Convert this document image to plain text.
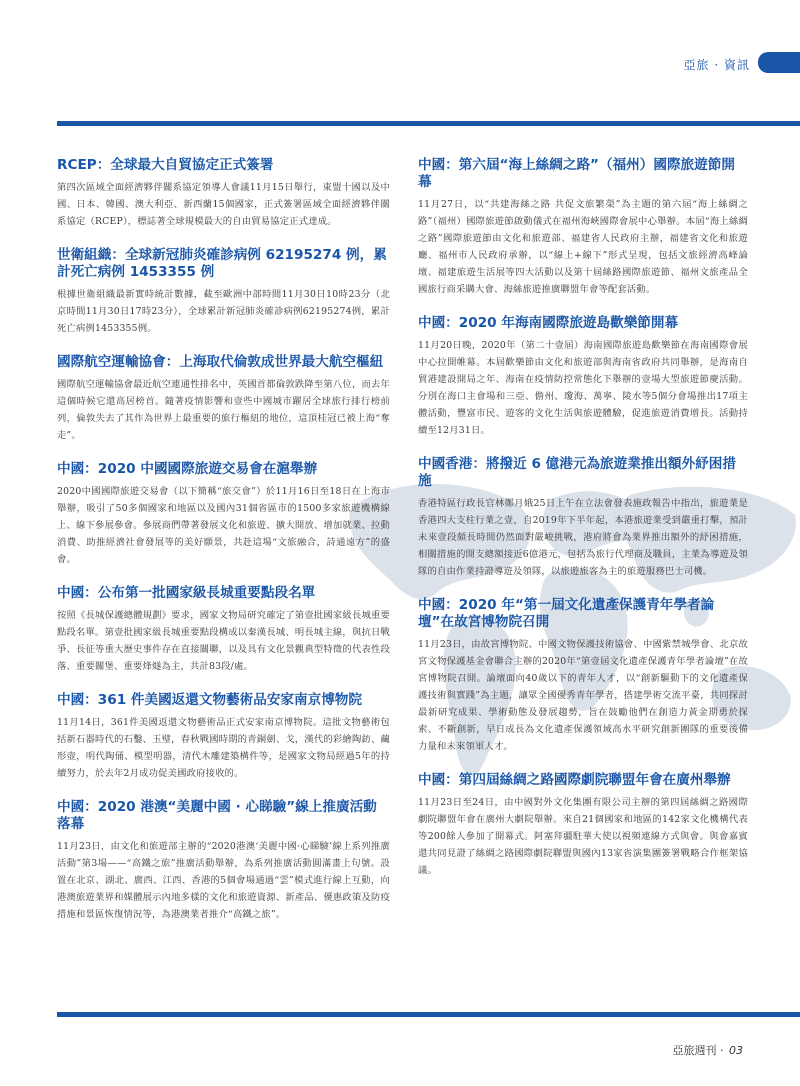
亞旅 · 資訊
RCEP：全球最大自貿協定正式簽署
第四次區域全面經濟夥伴關系協定領導人會議11月15日舉行，東盟十國以及中國、日本、韓國、澳大利亞、新西蘭15個國家，正式簽署區域全面經濟夥伴關系協定（RCEP），標誌著全球規模最大的自由貿易協定正式達成。
世衛組織：全球新冠肺炎確診病例 62195274 例，累計死亡病例 1453355 例
根據世衛組織最新實時統計數據，截至歐洲中部時間11月30日10時23分（北京時間11月30日17時23分），全球累計新冠肺炎確診病例62195274例，累計死亡病例1453355例。
國際航空運輸協會：上海取代倫敦成世界最大航空樞紐
國際航空運輸協會最近航空連通性排名中，英國首都倫敦跌降至第八位，而去年這個時候它還高居榜首。隨著疫情影響和壹些中國城市躍居全球旅行排行榜前列，倫敦失去了其作為世界上最重要的旅行樞紐的地位，這頂桂冠已被上海“奪走”。
中國：2020 中國國際旅遊交易會在滬舉辦
2020中國國際旅遊交易會（以下簡稱“旅交會”）於11月16日至18日在上海市舉辦，吸引了50多個國家和地區以及國內31個省區市的1500多家旅遊機構線上、線下參展參會。參展商們帶著發展文化和旅遊、擴大開放、增加就業、拉動消費、助推經濟社會發展等的美好願景，共赴這場“文旅融合，詩通遠方”的盛會。
中國：公布第一批國家級長城重要點段名單
按照《長城保護總體規劃》要求，國家文物局研究確定了第壹批國家級長城重要點段名單。第壹批國家級長城重要點段構成以秦漢長城、明長城主線，與抗日戰爭、長征等重大歷史事件存在直接關聯，以及具有文化景觀典型特徵的代表性段落、重要關堡、重要烽燧為主，共計83段/處。
中國：361 件美國返還文物藝術品安家南京博物院
11月14日，361件美國返還文物藝術品正式安家南京博物院。這批文物藝術包括新石器時代的石鑿、玉璧，春秋戰國時期的青銅劍、戈，漢代的彩繪陶鈁、繭形壺，明代陶俑、模型明器，清代木雕建築構件等，是國家文物局經過5年的持續努力，於去年2月成功促美國政府接收的。
中國：2020 港澳“美麗中國 · 心睇驗”線上推廣活動落幕
11月23日，由文化和旅遊部主辦的“2020港澳‘美麗中國·心睇驗’線上系列推廣活動”第3場——“高鐵之旅”推廣活動舉辦，為系列推廣活動圓滿畫上句號。設置在北京、湖北、廣西、江西、香港的5個會場通過“雲”模式進行線上互動，向港澳旅遊業界和媒體展示內地多樣的文化和旅遊資源、新產品、優惠政策及防疫措施和景區恢復情況等，為港澳業者推介“高鐵之旅”。
中國：第六屆“海上絲綢之路”（福州）國際旅遊節開幕
11月27日，以“共建海絲之路 共促文旅繁榮”為主題的第六屆“海上絲綢之路”（福州）國際旅遊節啟動儀式在福州海峽國際會展中心舉辦。本屆“海上絲綢之路”國際旅遊節由文化和旅遊部、福建省人民政府主辦，福建省文化和旅遊廳、福州市人民政府承辦，以“線上+線下”形式呈現，包括文旅經濟高峰論壇、福建旅遊生活展等四大活動以及第十屆絲路國際旅遊節、福州文旅產品全國旅行商采購大會、海絲旅遊推廣聯盟年會等配套活動。
中國：2020 年海南國際旅遊島歡樂節開幕
11月20日晚，2020年（第二十壹屆）海南國際旅遊島歡樂節在海南國際會展中心拉開帷幕。本屆歡樂節由文化和旅遊部與海南省政府共同舉辦，是海南自貿港建設開局之年、海南在疫情防控常態化下舉辦的壹場大型旅遊節慶活動。分別在海口主會場和三亞、儋州、瓊海、萬寧、陵水等5個分會場推出17項主體活動，豐富市民、遊客的文化生活與旅遊體驗，促進旅遊消費增長。活動持續至12月31日。
中國香港：將撥近 6 億港元為旅遊業推出額外紓困措施
香港特區行政長官林鄭月娥25日上午在立法會發表施政報告中指出，旅遊業是香港四大支柱行業之壹，自2019年下半年起，本港旅遊業受到嚴重打擊，預計未來壹段頗長時間仍然面對嚴峻挑戰，港府將會為業界推出額外的紓困措施，相關措施的開支總額接近6億港元，包括為旅行代理商及職員，主業為導遊及領隊的自由作業持證導遊及領隊，以旅遊旅客為主的旅遊服務巴士司機。
中國：2020 年“第一屆文化遺產保護青年學者論壇”在故宮博物院召開
11月23日，由故宮博物院、中國文物保護技術協會、中國紫禁城學會、北京故宮文物保護基金會聯合主辦的2020年“第壹屆文化遺產保護青年學者論壇”在故宮博物院召開。論壇面向40歲以下的青年人才，以“創新驅動下的文化遺產保護技術與實踐”為主題，讓眾全國優秀青年學者，搭建學術交流平臺，共同探討最新研究成果、學術動態及發展趨勢，旨在鼓勵他們在創造力黃金期勇於探索、不斷創新，早日成長為文化遺產保護領域高水平研究創新團隊的重要後備力量和未來領軍人才。
中國：第四屆絲綢之路國際劇院聯盟年會在廣州舉辦
11月23日至24日，由中國對外文化集團有限公司主辦的第四屆絲綢之路國際劇院聯盟年會在廣州大劇院舉辦。來自21個國家和地區的142家文化機構代表等200餘人參加了開幕式。阿塞拜疆駐華大使以視頻連線方式與會。與會嘉賓還共同見證了絲綢之路國際劇院聯盟與國內13家省演集團簽署戰略合作框架協議。
亞旅週刊 · 03
